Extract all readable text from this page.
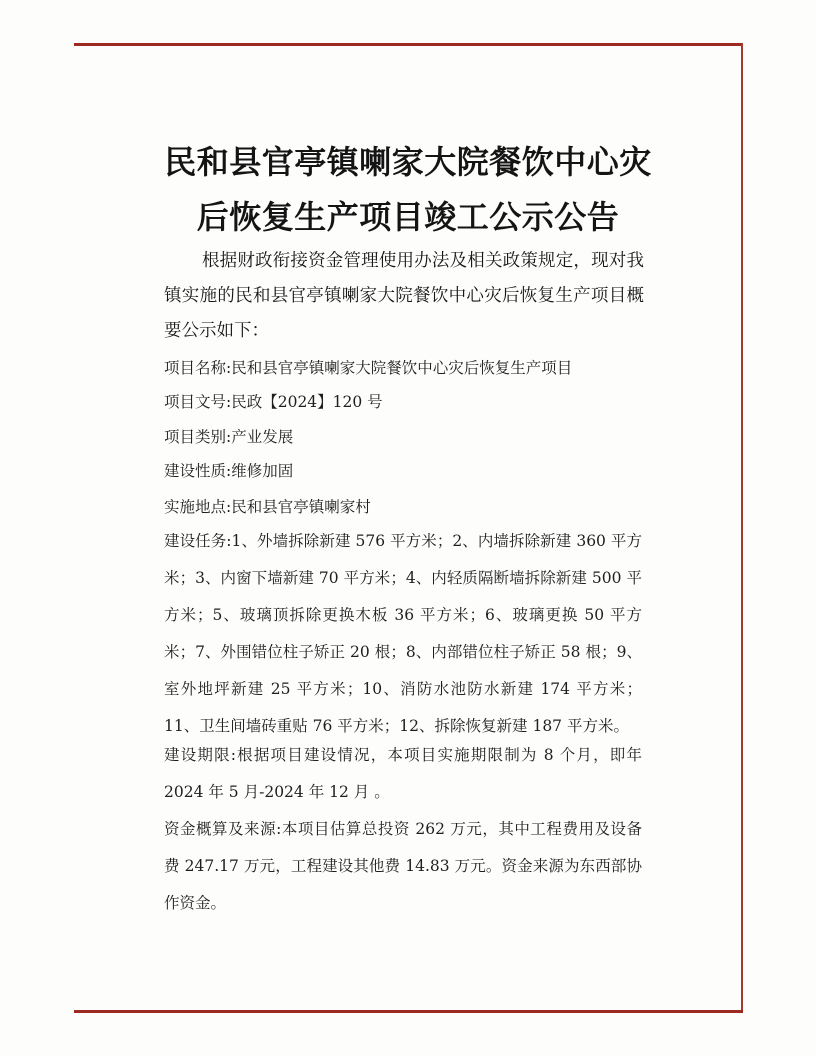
民和县官亭镇喇家大院餐饮中心灾
后恢复生产项目竣工公示公告
根据财政衔接资金管理使用办法及相关政策规定，现对我镇实施的民和县官亭镇喇家大院餐饮中心灾后恢复生产项目概要公示如下：
项目名称:民和县官亭镇喇家大院餐饮中心灾后恢复生产项目
项目文号:民政【2024】120 号
项目类别:产业发展
建设性质:维修加固
实施地点:民和县官亭镇喇家村
建设任务:1、外墙拆除新建 576 平方米；2、内墙拆除新建 360 平方米；3、内窗下墙新建 70 平方米；4、内轻质隔断墙拆除新建 500 平方米；5、玻璃顶拆除更换木板 36 平方米；6、玻璃更换 50 平方米；7、外围错位柱子矫正 20 根；8、内部错位柱子矫正 58 根；9、室外地坪新建 25 平方米；10、消防水池防水新建 174 平方米；11、卫生间墙砖重贴 76 平方米；12、拆除恢复新建 187 平方米。
建设期限:根据项目建设情况，本项目实施期限制为 8 个月，即年 2024 年 5 月-2024 年 12 月 。
资金概算及来源:本项目估算总投资 262 万元，其中工程费用及设备费 247.17 万元，工程建设其他费 14.83 万元。资金来源为东西部协作资金。
